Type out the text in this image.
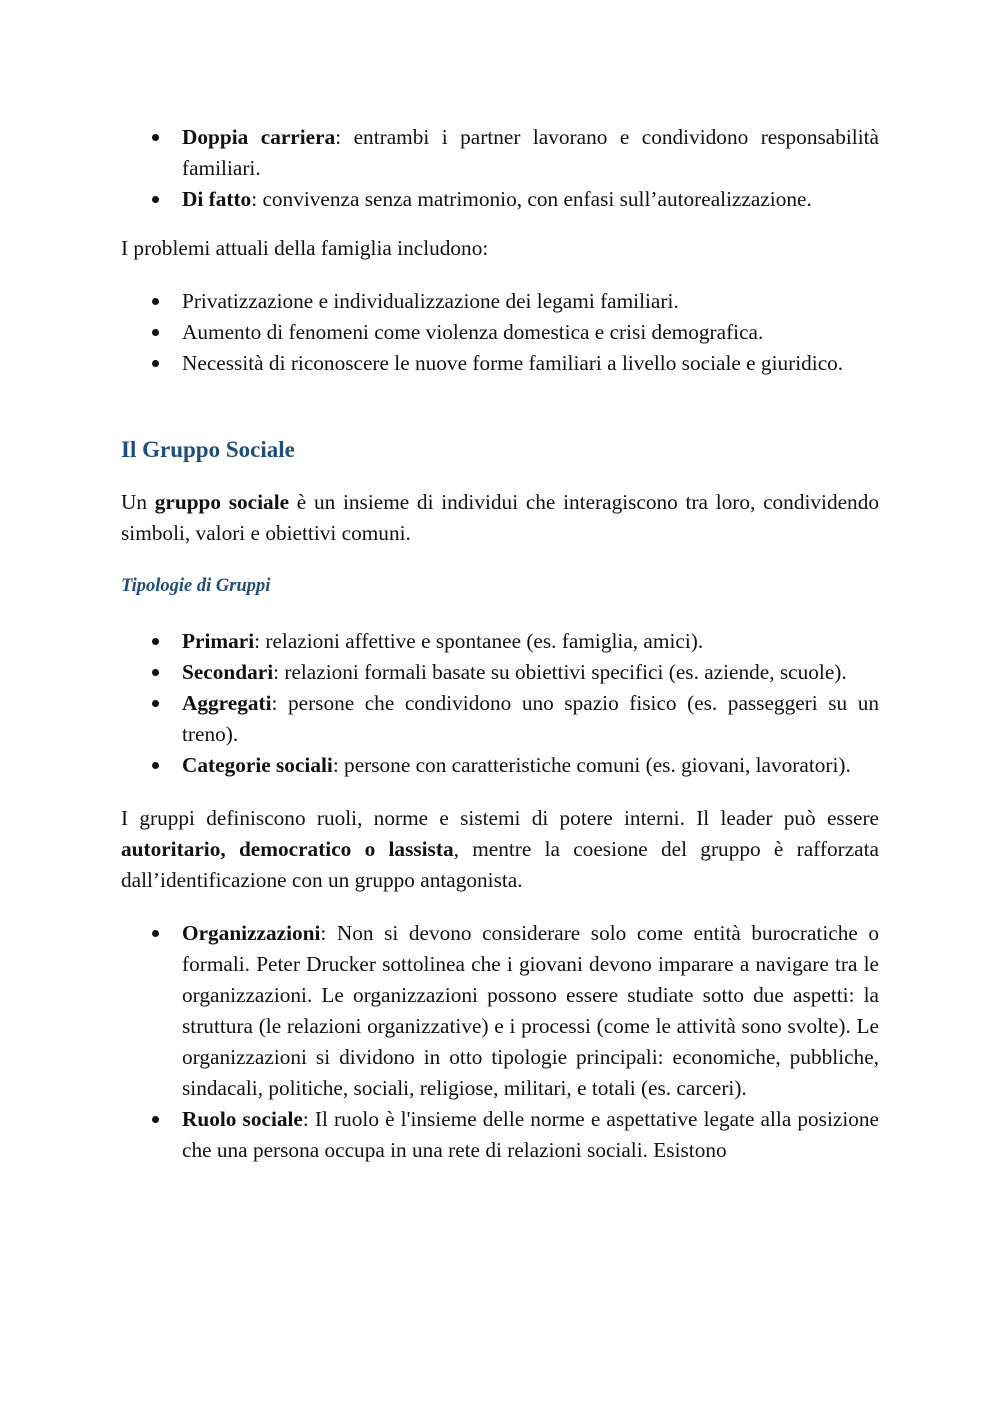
Doppia carriera: entrambi i partner lavorano e condividono responsabilità familiari.
Di fatto: convivenza senza matrimonio, con enfasi sull’autorealizzazione.

I problemi attuali della famiglia includono:

Privatizzazione e individualizzazione dei legami familiari.
Aumento di fenomeni come violenza domestica e crisi demografica.
Necessità di riconoscere le nuove forme familiari a livello sociale e giuridico.
Il Gruppo Sociale

Un gruppo sociale è un insieme di individui che interagiscono tra loro, condividendo simboli, valori e obiettivi comuni.

Tipologie di Gruppi
Primari: relazioni affettive e spontanee (es. famiglia, amici).
Secondari: relazioni formali basate su obiettivi specifici (es. aziende, scuole).
Aggregati: persone che condividono uno spazio fisico (es. passeggeri su un treno).
Categorie sociali: persone con caratteristiche comuni (es. giovani, lavoratori).

I gruppi definiscono ruoli, norme e sistemi di potere interni. Il leader può essere autoritario, democratico o lassista, mentre la coesione del gruppo è rafforzata dall’identificazione con un gruppo antagonista.

Organizzazioni: Non si devono considerare solo come entità burocratiche o formali. Peter Drucker sottolinea che i giovani devono imparare a navigare tra le organizzazioni. Le organizzazioni possono essere studiate sotto due aspetti: la struttura (le relazioni organizzative) e i processi (come le attività sono svolte). Le organizzazioni si dividono in otto tipologie principali: economiche, pubbliche, sindacali, politiche, sociali, religiose, militari, e totali (es. carceri).
Ruolo sociale: Il ruolo è l'insieme delle norme e aspettative legate alla posizione che una persona occupa in una rete di relazioni sociali. Esistono
